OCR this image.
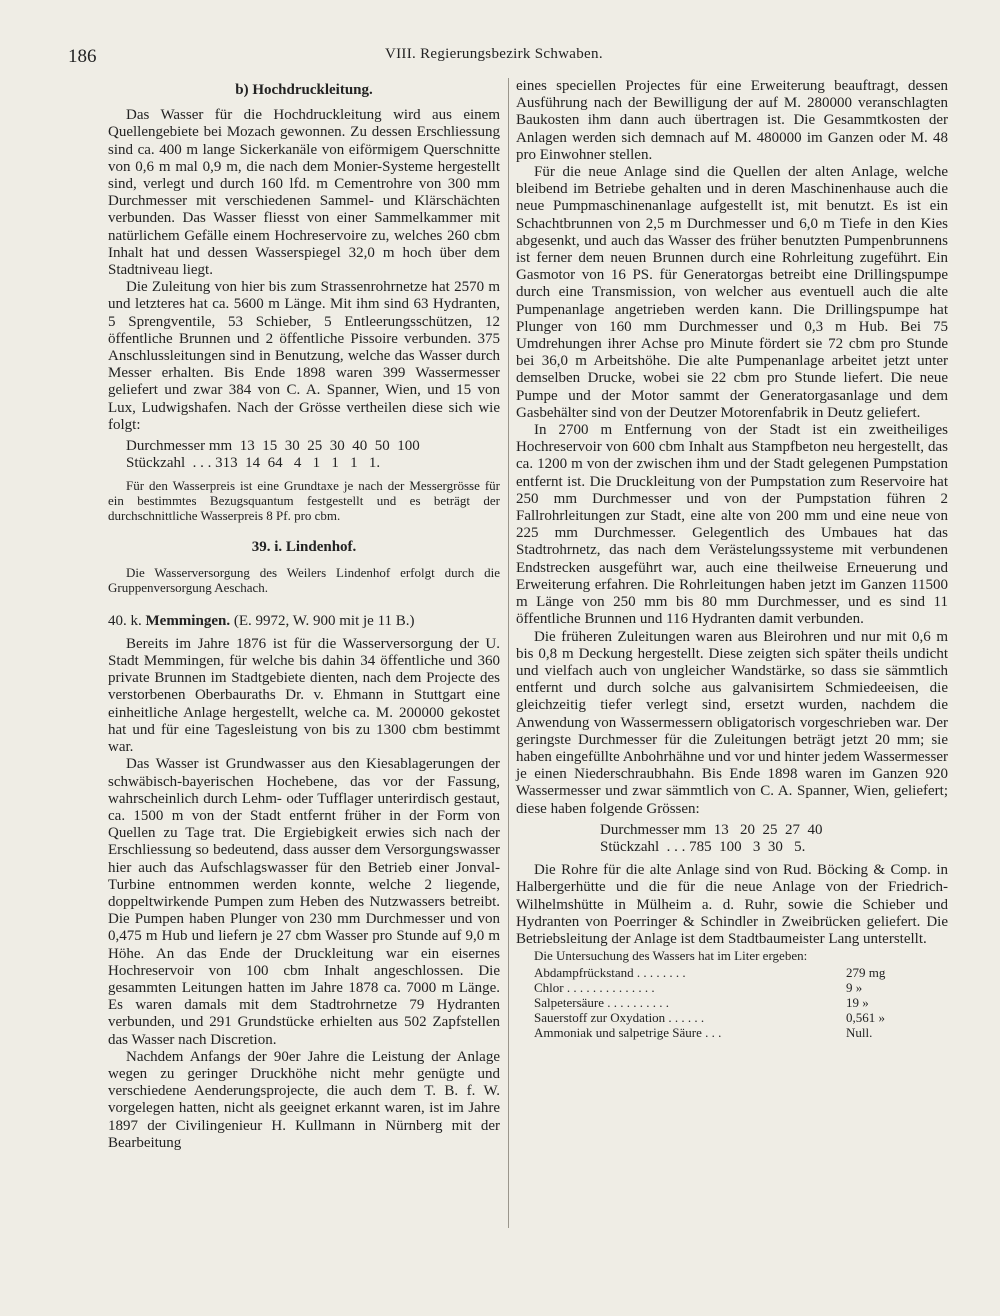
186	VIII. Regierungsbezirk Schwaben.
b) Hochdruckleitung.

Das Wasser für die Hochdruckleitung wird aus einem Quellengebiete bei Mozach gewonnen. Zu dessen Erschliessung sind ca. 400 m lange Sickerkanäle von eiförmigem Querschnitte von 0,6 m mal 0,9 m, die nach dem Monier-Systeme hergestellt sind, verlegt und durch 160 lfd. m Cementrohre von 300 mm Durchmesser mit verschiedenen Sammel- und Klärschächten verbunden. Das Wasser fliesst von einer Sammelkammer mit natürlichem Gefälle einem Hochreservoire zu, welches 260 cbm Inhalt hat und dessen Wasserspiegel 32,0 m hoch über dem Stadtniveau liegt.

Die Zuleitung von hier bis zum Strassenrohrnetze hat 2570 m und letzteres hat ca. 5600 m Länge. Mit ihm sind 63 Hydranten, 5 Sprengventile, 53 Schieber, 5 Entleerungsschützen, 12 öffentliche Brunnen und 2 öffentliche Pissoire verbunden. 375 Anschlussleitungen sind in Benutzung, welche das Wasser durch Messer erhalten. Bis Ende 1898 waren 399 Wassermesser geliefert und zwar 384 von C. A. Spanner, Wien, und 15 von Lux, Ludwigshafen. Nach der Grösse vertheilen diese sich wie folgt:

Durchmesser mm  13  15  30  25  30  40  50  100
Stückzahl  . . . 313  14  64   4   1   1   1   1.

Für den Wasserpreis ist eine Grundtaxe je nach der Messergrösse für ein bestimmtes Bezugsquantum festgestellt und es beträgt der durchschnittliche Wasserpreis 8 Pf. pro cbm.

39. i. Lindenhof.

Die Wasserversorgung des Weilers Lindenhof erfolgt durch die Gruppenversorgung Aeschach.

40. k. Memmingen. (E. 9972, W. 900 mit je 11 B.)

Bereits im Jahre 1876 ist für die Wasserversorgung der U. Stadt Memmingen, für welche bis dahin 34 öffentliche und 360 private Brunnen im Stadtgebiete dienten, nach dem Projecte des verstorbenen Oberbauraths Dr. v. Ehmann in Stuttgart eine einheitliche Anlage hergestellt, welche ca. M. 200000 gekostet hat und für eine Tagesleistung von bis zu 1300 cbm bestimmt war.

Das Wasser ist Grundwasser aus den Kiesablagerungen der schwäbisch-bayerischen Hochebene, das vor der Fassung, wahrscheinlich durch Lehm- oder Tufflager unterirdisch gestaut, ca. 1500 m von der Stadt entfernt früher in der Form von Quellen zu Tage trat. Die Ergiebigkeit erwies sich nach der Erschliessung so bedeutend, dass ausser dem Versorgungswasser hier auch das Aufschlagswasser für den Betrieb einer Jonval-Turbine entnommen werden konnte, welche 2 liegende, doppeltwirkende Pumpen zum Heben des Nutzwassers betreibt. Die Pumpen haben Plunger von 230 mm Durchmesser und von 0,475 m Hub und liefern je 27 cbm Wasser pro Stunde auf 9,0 m Höhe. An das Ende der Druckleitung war ein eisernes Hochreservoir von 100 cbm Inhalt angeschlossen. Die gesammten Leitungen hatten im Jahre 1878 ca. 7000 m Länge. Es waren damals mit dem Stadtrohrnetze 79 Hydranten verbunden, und 291 Grundstücke erhielten aus 502 Zapfstellen das Wasser nach Discretion.

Nachdem Anfangs der 90er Jahre die Leistung der Anlage wegen zu geringer Druckhöhe nicht mehr genügte und verschiedene Aenderungsprojecte, die auch dem T. B. f. W. vorgelegen hatten, nicht als geeignet erkannt waren, ist im Jahre 1897 der Civilingenieur H. Kullmann in Nürnberg mit der Bearbeitung

eines speciellen Projectes für eine Erweiterung beauftragt, dessen Ausführung nach der Bewilligung der auf M. 280000 veranschlagten Baukosten ihm dann auch übertragen ist. Die Gesammtkosten der Anlagen werden sich demnach auf M. 480000 im Ganzen oder M. 48 pro Einwohner stellen.

Für die neue Anlage sind die Quellen der alten Anlage, welche bleibend im Betriebe gehalten und in deren Maschinenhause auch die neue Pumpmaschinenanlage aufgestellt ist, mit benutzt. Es ist ein Schachtbrunnen von 2,5 m Durchmesser und 6,0 m Tiefe in den Kies abgesenkt, und auch das Wasser des früher benutzten Pumpenbrunnens ist ferner dem neuen Brunnen durch eine Rohrleitung zugeführt. Ein Gasmotor von 16 PS. für Generatorgas betreibt eine Drillingspumpe durch eine Transmission, von welcher aus eventuell auch die alte Pumpenanlage angetrieben werden kann. Die Drillingspumpe hat Plunger von 160 mm Durchmesser und 0,3 m Hub. Bei 75 Umdrehungen ihrer Achse pro Minute fördert sie 72 cbm pro Stunde bei 36,0 m Arbeitshöhe. Die alte Pumpenanlage arbeitet jetzt unter demselben Drucke, wobei sie 22 cbm pro Stunde liefert. Die neue Pumpe und der Motor sammt der Generatorgasanlage und dem Gasbehälter sind von der Deutzer Motorenfabrik in Deutz geliefert.

In 2700 m Entfernung von der Stadt ist ein zweitheiliges Hochreservoir von 600 cbm Inhalt aus Stampfbeton neu hergestellt, das ca. 1200 m von der zwischen ihm und der Stadt gelegenen Pumpstation entfernt ist. Die Druckleitung von der Pumpstation zum Reservoire hat 250 mm Durchmesser und von der Pumpstation führen 2 Fallrohrleitungen zur Stadt, eine alte von 200 mm und eine neue von 225 mm Durchmesser. Gelegentlich des Umbaues hat das Stadtrohrnetz, das nach dem Verästelungssysteme mit verbundenen Endstrecken ausgeführt war, auch eine theilweise Erneuerung und Erweiterung erfahren. Die Rohrleitungen haben jetzt im Ganzen 11500 m Länge von 250 mm bis 80 mm Durchmesser, und es sind 11 öffentliche Brunnen und 116 Hydranten damit verbunden.

Die früheren Zuleitungen waren aus Bleirohren und nur mit 0,6 m bis 0,8 m Deckung hergestellt. Diese zeigten sich später theils undicht und vielfach auch von ungleicher Wandstärke, so dass sie sämmtlich entfernt und durch solche aus galvanisirtem Schmiedeeisen, die gleichzeitig tiefer verlegt sind, ersetzt wurden, nachdem die Anwendung von Wassermessern obligatorisch vorgeschrieben war. Der geringste Durchmesser für die Zuleitungen beträgt jetzt 20 mm; sie haben eingefüllte Anbohrhähne und vor und hinter jedem Wassermesser je einen Niederschraubhahn. Bis Ende 1898 waren im Ganzen 920 Wassermesser und zwar sämmtlich von C. A. Spanner, Wien, geliefert; diese haben folgende Grössen:

Durchmesser mm  13   20  25  27  40
Stückzahl  . . . 785  100   3  30   5.

Die Rohre für die alte Anlage sind von Rud. Böcking & Comp. in Halbergerhütte und die für die neue Anlage von der Friedrich-Wilhelmshütte in Mülheim a. d. Ruhr, sowie die Schieber und Hydranten von Poerringer & Schindler in Zweibrücken geliefert. Die Betriebsleitung der Anlage ist dem Stadtbaumeister Lang unterstellt.

Die Untersuchung des Wassers hat im Liter ergeben:

Abdampfrückstand . . . . . . . .	279 mg
Chlor . . . . . . . . . . . . . .	9 »
Salpetersäure . . . . . . . . . .	19 »
Sauerstoff zur Oxydation . . . . . .	0,561 »
Ammoniak und salpetrige Säure . . .	Null.
